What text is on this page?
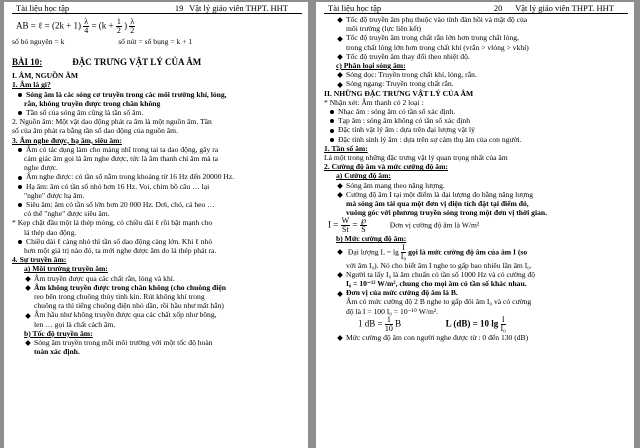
Tài liệu học tập	19 Vật lý giáo viên THPT. HHT
AB = ℓ = $(2k + 1) \frac{\lambda}{4} = (k + \frac{1}{2}$ ) $\frac{\lambda}{2}$
số bó nguyên = k	số nút = số bụng = k + 1
BÀI 10:	ĐẶC TRƯNG VẬT LÝ CỦA ÂM
I. ÂM, NGUỒN ÂM
1. Âm là gì?
Sóng âm là các sóng cơ truyền trong các môi trường khí, lỏng,
rắn, không truyền được trong chân không
Tần số của sóng âm cũng là tần số âm.
2. Nguồn âm: Một vật dao động phát ra âm là một nguồn âm. Tần
số của âm phát ra bằng tần số dao động của nguồn âm.
3. Âm nghe được, hạ âm, siêu âm:
Âm có tác dụng làm cho màng nhĩ trong tai ta dao động, gây ra
cảm giác âm gọi là âm nghe được, tức là âm thanh chỉ âm mà ta
nghe được.
Âm nghe được: có tần số nằm trong khoảng từ 16 Hz đến 20000 Hz.
Hạ âm: âm có tần số nhỏ hơn 16 Hz. Voi, chim bồ câu … lại
"nghe" được hạ âm.
Siêu âm: âm có tần số lớn hơn 20 000 Hz. Dơi, chó, cá heo …
có thể "nghe" được siêu âm.
* Kẹp chặt đầu một lá thép mỏng, có chiều dài ℓ rồi bật mạnh cho
lá thép dao động.
Chiều dài ℓ càng nhỏ thì tần số dao động càng lớn. Khi ℓ nhỏ
hơn một giá trị nào đó, ta mới nghe được âm do lá thép phát ra.
4. Sự truyền âm:
a) Môi trường truyền âm:
Âm truyền được qua các chất rắn, lỏng và khí.
Âm không truyền được trong chân không (cho chuông điện
reo bên trong chuông thủy tinh kín. Rút không khí trong
chuông ra thì tiếng chuông điện nhỏ dần, rồi hầu như mất hẳn)
Âm hầu như không truyền được qua các chất xốp như bông,
len … gọi là chất cách âm.
b) Tốc độ truyền âm:
Sóng âm truyền trong mỗi môi trường với một tốc độ hoàn
toàn xác định.
Tài liệu học tập	20 Vật lý giáo viên THPT. HHT
Tốc độ truyền âm phụ thuộc vào tính đàn hồi và mật độ của
môi trường (lực liên kết)
Tốc độ truyền âm trong chất rắn lớn hơn trong chất lỏng,
trong chất lỏng lớn hơn trong chất khí (vrắn > vlỏng > vkhí)
Tốc độ truyền âm thay đổi theo nhiệt độ.
c) Phân loại sóng âm:
Sóng dọc: Truyền trong chất khí, lỏng, rắn.
Sóng ngang: Truyền trong chất rắn.
II. NHỮNG ĐẶC TRƯNG VẬT LÝ CỦA ÂM
* Nhận xét: Âm thanh có 2 loại :
Nhạc âm : sóng âm có tần số xác định.
Tạp âm : sóng âm không có tần số xác định
Đặc tính vật lý âm : dựa trên đại lượng vật lý
Đặc tính sinh lý âm : dựa trên sự cảm thụ âm của con người.
1. Tần số âm:
Là một trong những đặc trưng vật lý quan trọng nhất của âm
2. Cường độ âm và mức cường độ âm:
a) Cường độ âm:
Sóng âm mang theo năng lượng.
Cường độ âm I tại một điểm là đại lượng đo bằng năng lượng
mà sóng âm tải qua một đơn vị diện tích đặt tại điểm đó,
vuông góc với phương truyền sóng trong một đơn vị thời gian.
$I = \frac{W}{St} = \frac{℘}{S}$	Đơn vị cường độ âm là W/m²
b) Mức cường độ âm:
Đại lượng $L = \lg \frac{I}{\text{I₀}}$ gọi là mức cường độ âm của âm I (so
với âm I₀). Nó cho biết âm I nghe to gấp bao nhiêu lần âm I₀.
Người ta lấy I₀ là âm chuẩn có tần số 1000 Hz và có cường độ
I₀ = 10⁻¹² W/m², chung cho mọi âm có tần số khác nhau.
Đơn vị của mức cường độ âm là B.
Âm có mức cường độ 2 B nghe to gấp đôi âm I₀ và có cường
độ là I = 100 I₀ = 10⁻¹⁰ W/m².
1 dB = $\frac{1}{10}$ B	L (dB) = 10 $\lg \frac{I}{\text{I₀}}$
Mức cường độ âm con người nghe được từ : 0 đến 130 (dB)
